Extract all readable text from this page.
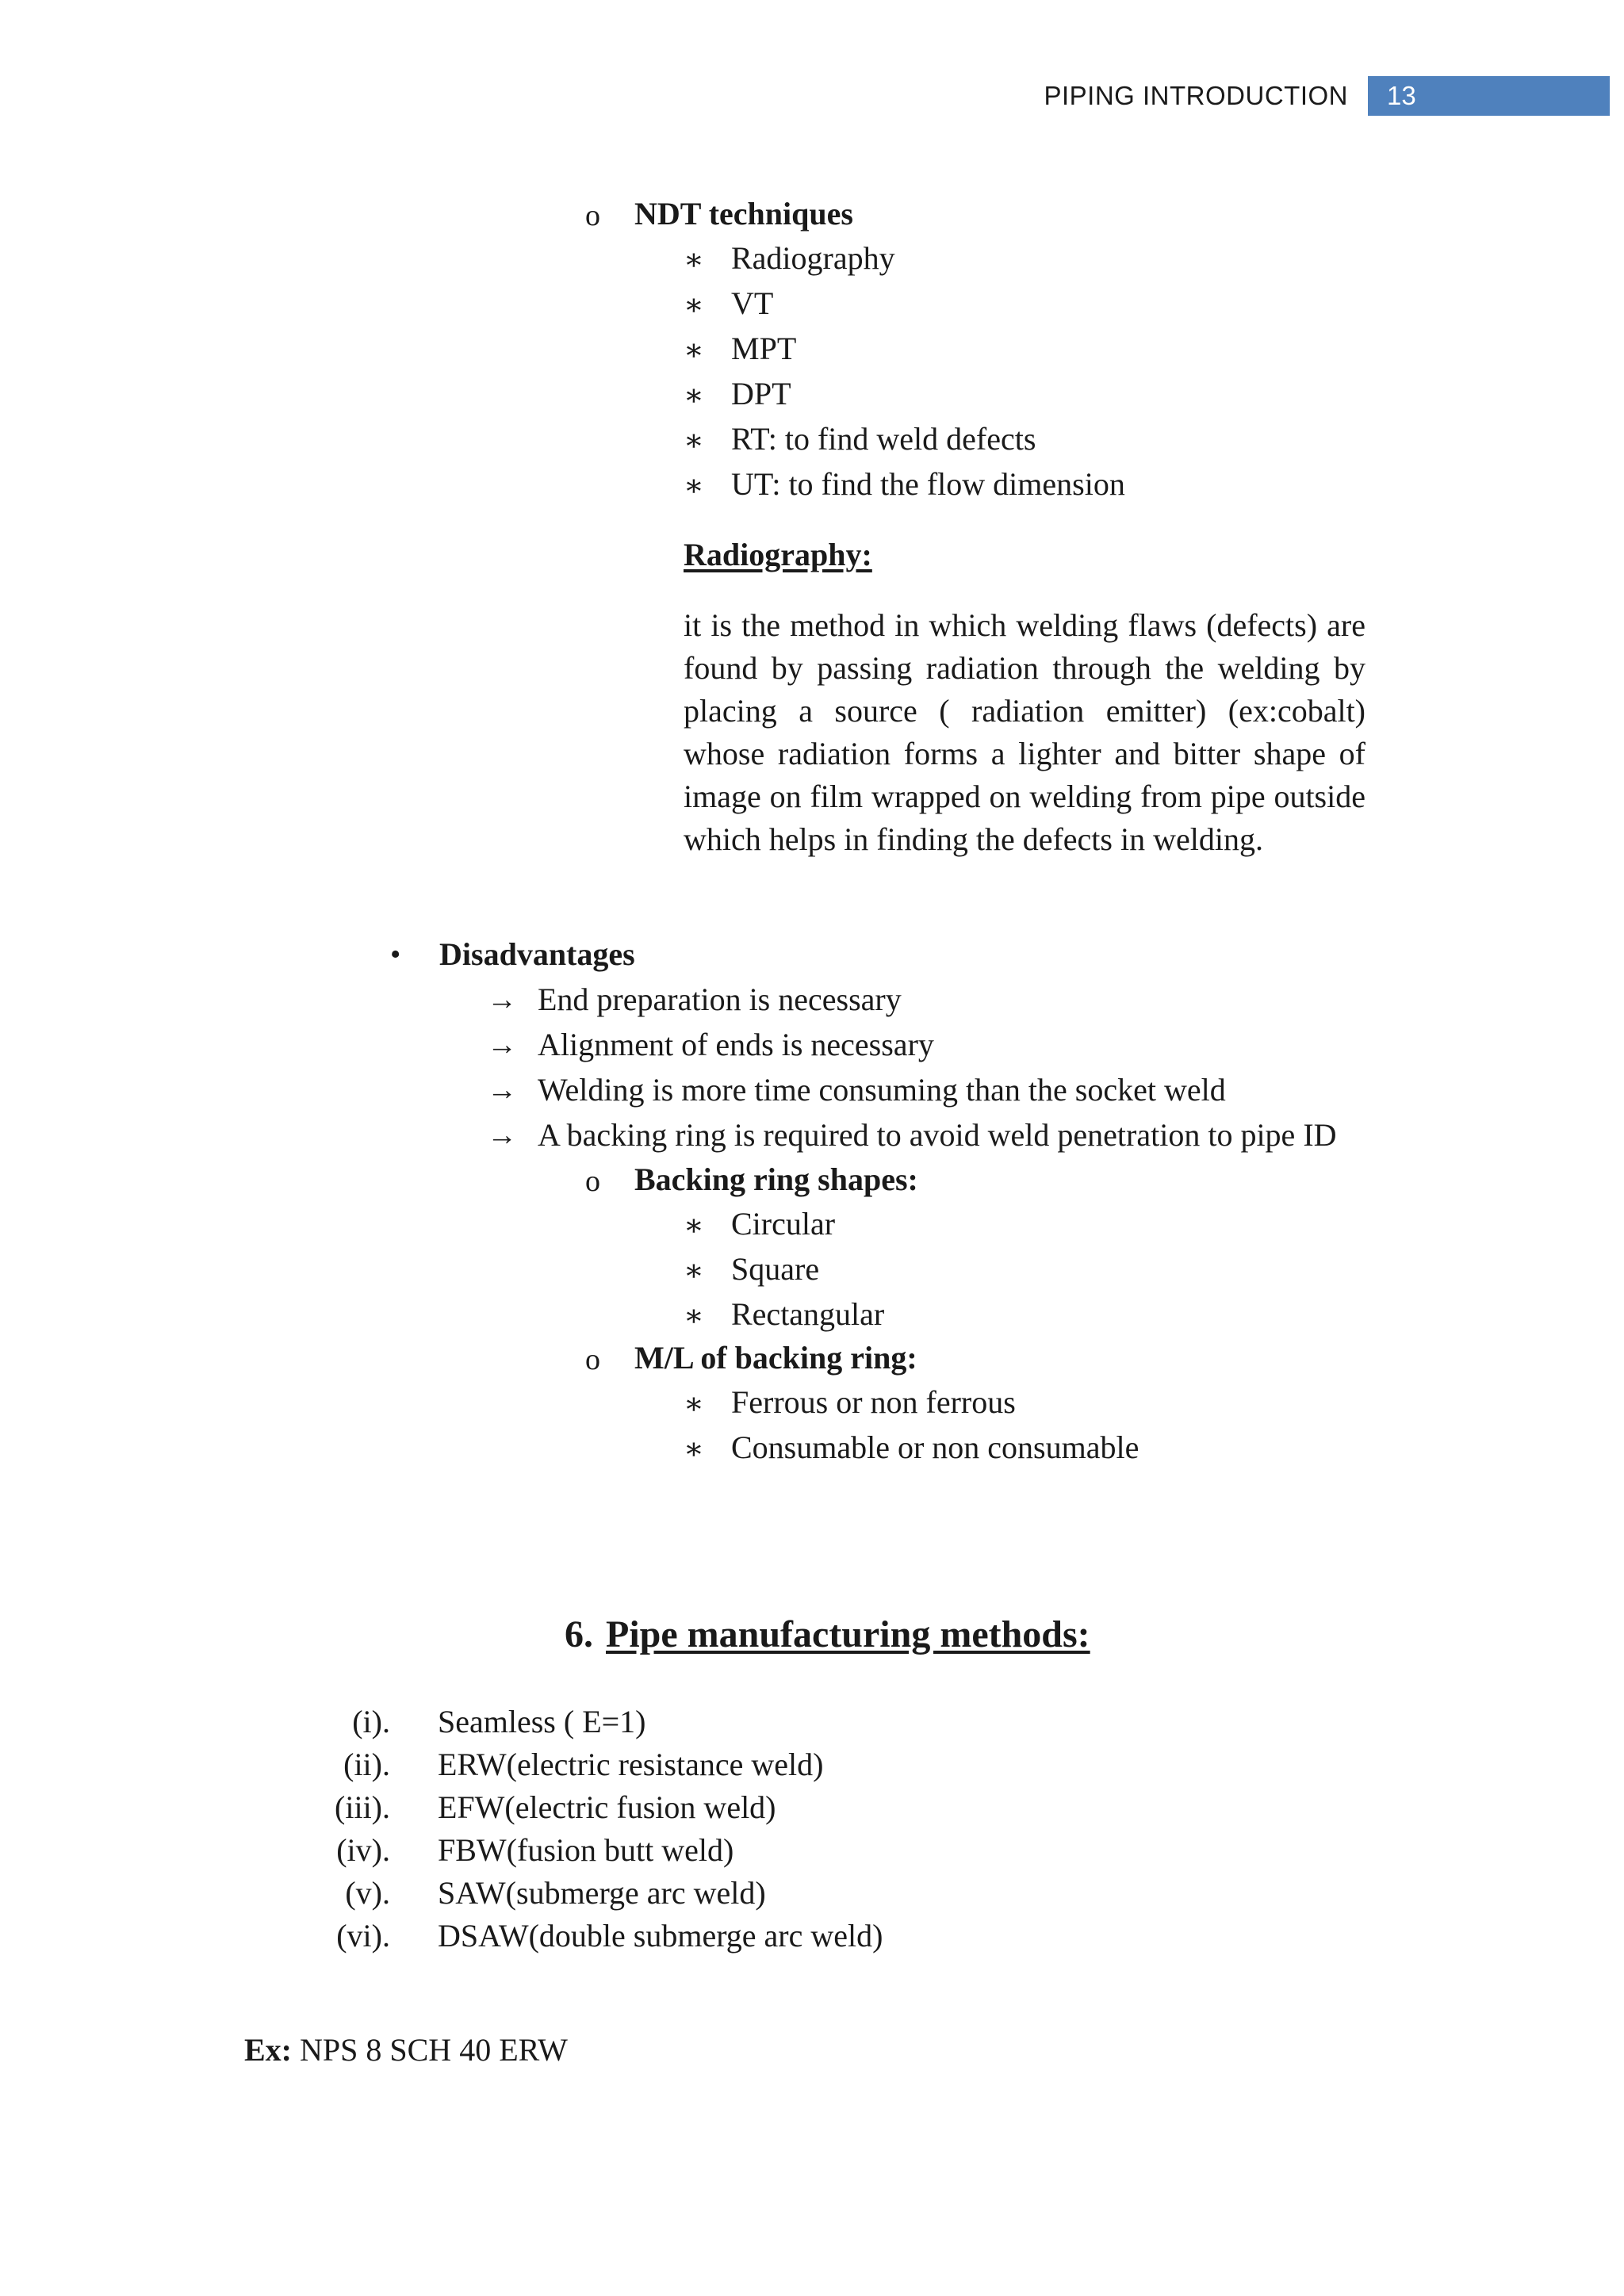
PIPING INTRODUCTION	13
o NDT techniques
∗ Radiography
∗ VT
∗ MPT
∗ DPT
∗ RT: to find weld defects
∗ UT: to find the flow dimension
Radiography:
it is the method in which welding flaws (defects) are found by passing radiation through the welding by placing a source ( radiation emitter) (ex:cobalt) whose radiation forms a lighter and bitter shape of image on film wrapped on welding from pipe outside which helps in finding the defects in welding.
• Disadvantages
→ End preparation is necessary
→ Alignment of ends is necessary
→ Welding is more time consuming than the socket weld
→ A backing ring is required to avoid weld penetration to pipe ID
o Backing ring shapes:
∗ Circular
∗ Square
∗ Rectangular
o M/L of backing ring:
∗ Ferrous or non ferrous
∗ Consumable or non consumable
6. Pipe manufacturing methods:
(i). Seamless ( E=1)
(ii). ERW(electric resistance weld)
(iii). EFW(electric fusion weld)
(iv). FBW(fusion butt weld)
(v). SAW(submerge arc weld)
(vi). DSAW(double submerge arc weld)
Ex: NPS 8 SCH 40 ERW
